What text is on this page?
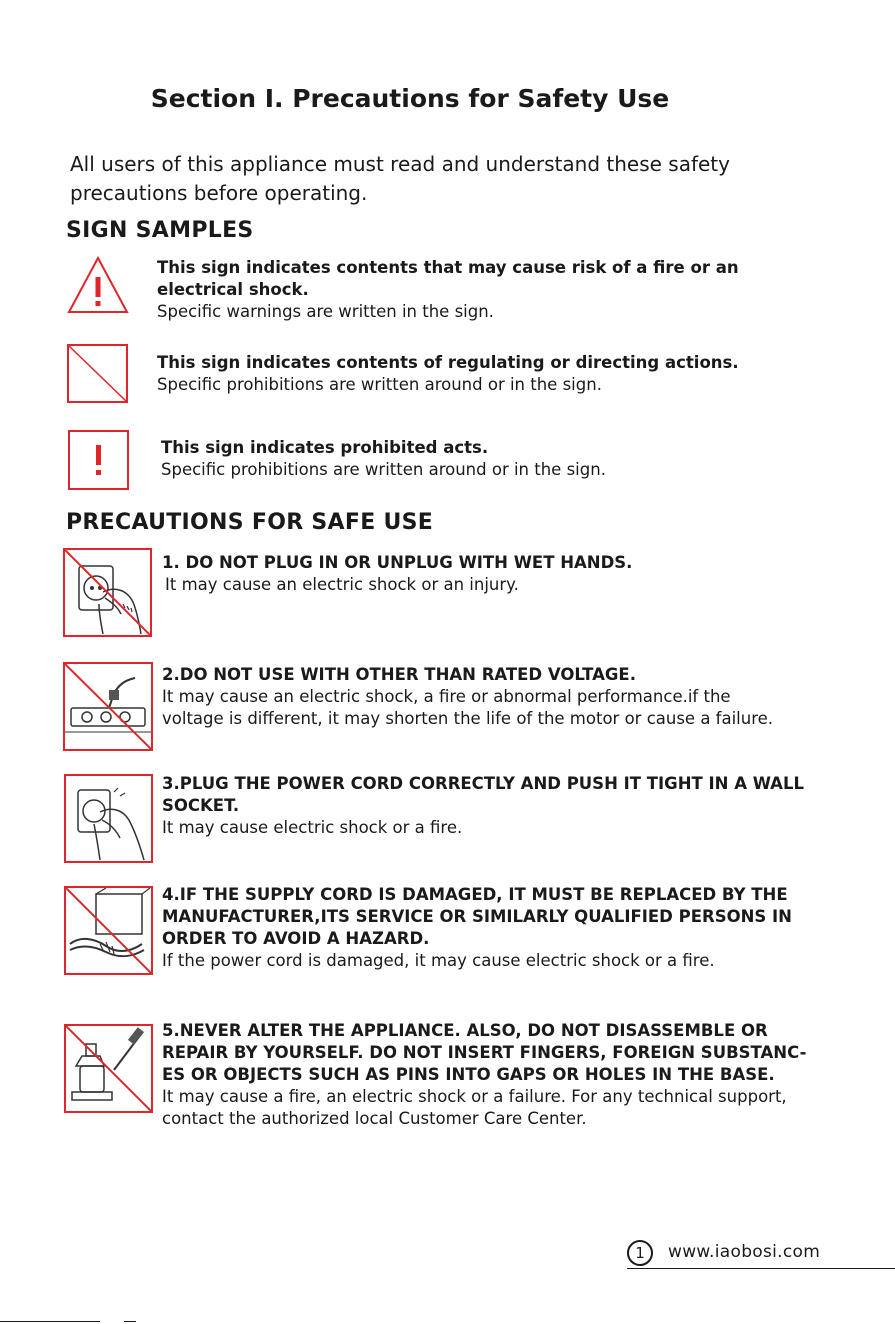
Section I. Precautions for Safety Use
All users of this appliance must read and understand these safety
precautions before operating.
SIGN SAMPLES
This sign indicates contents that may cause risk of a fire or an
electrical shock.
Specific warnings are written in the sign.
This sign indicates contents of regulating or directing actions.
Specific prohibitions are written around or in the sign.
This sign indicates prohibited acts.
Specific prohibitions are written around or in the sign.
PRECAUTIONS FOR SAFE USE
1. DO NOT PLUG IN OR UNPLUG WITH WET HANDS.
It may cause an electric shock or an injury.
2.DO NOT USE WITH OTHER THAN RATED VOLTAGE.
It may cause an electric shock, a fire or abnormal performance.if the
voltage is different, it may shorten the life of the motor or cause a failure.
3.PLUG THE POWER CORD CORRECTLY AND PUSH IT TIGHT IN A WALL
SOCKET.
It may cause electric shock or a fire.
4.IF THE SUPPLY CORD IS DAMAGED, IT MUST BE REPLACED BY THE
MANUFACTURER,ITS SERVICE OR SIMILARLY QUALIFIED PERSONS IN
ORDER TO AVOID A HAZARD.
If the power cord is damaged, it may cause electric shock or a fire.
5.NEVER ALTER THE APPLIANCE. ALSO, DO NOT DISASSEMBLE OR
REPAIR BY YOURSELF. DO NOT INSERT FINGERS, FOREIGN SUBSTANC-
ES OR OBJECTS SUCH AS PINS INTO GAPS OR HOLES IN THE BASE.
It may cause a fire, an electric shock or a failure. For any technical support,
contact the authorized local Customer Care Center.
1	www.iaobosi.com
